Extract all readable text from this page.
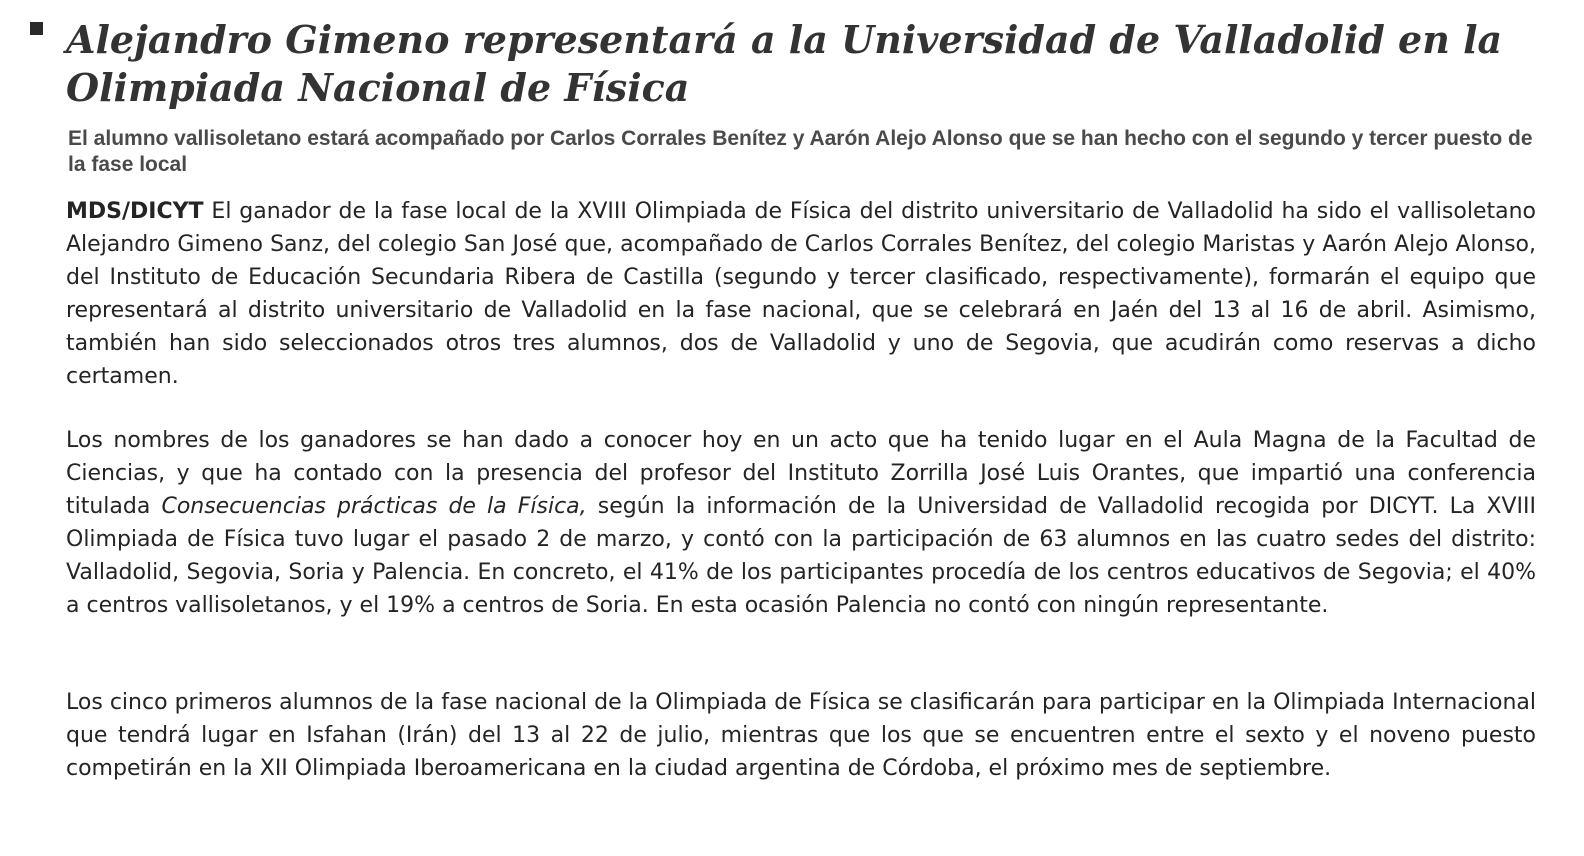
Alejandro Gimeno representará a la Universidad de Valladolid en la Olimpiada Nacional de Física

El alumno vallisoletano estará acompañado por Carlos Corrales Benítez y Aarón Alejo Alonso que se han hecho con el segundo y tercer puesto de la fase local

MDS/DICYT El ganador de la fase local de la XVIII Olimpiada de Física del distrito universitario de Valladolid ha sido el vallisoletano Alejandro Gimeno Sanz, del colegio San José que, acompañado de Carlos Corrales Benítez, del colegio Maristas y Aarón Alejo Alonso, del Instituto de Educación Secundaria Ribera de Castilla (segundo y tercer clasificado, respectivamente), formarán el equipo que representará al distrito universitario de Valladolid en la fase nacional, que se celebrará en Jaén del 13 al 16 de abril. Asimismo, también han sido seleccionados otros tres alumnos, dos de Valladolid y uno de Segovia, que acudirán como reservas a dicho certamen.

Los nombres de los ganadores se han dado a conocer hoy en un acto que ha tenido lugar en el Aula Magna de la Facultad de Ciencias, y que ha contado con la presencia del profesor del Instituto Zorrilla José Luis Orantes, que impartió una conferencia titulada Consecuencias prácticas de la Física, según la información de la Universidad de Valladolid recogida por DICYT. La XVIII Olimpiada de Física tuvo lugar el pasado 2 de marzo, y contó con la participación de 63 alumnos en las cuatro sedes del distrito: Valladolid, Segovia, Soria y Palencia. En concreto, el 41% de los participantes procedía de los centros educativos de Segovia; el 40% a centros vallisoletanos, y el 19% a centros de Soria. En esta ocasión Palencia no contó con ningún representante.

Los cinco primeros alumnos de la fase nacional de la Olimpiada de Física se clasificarán para participar en la Olimpiada Internacional que tendrá lugar en Isfahan (Irán) del 13 al 22 de julio, mientras que los que se encuentren entre el sexto y el noveno puesto competirán en la XII Olimpiada Iberoamericana en la ciudad argentina de Córdoba, el próximo mes de septiembre.
